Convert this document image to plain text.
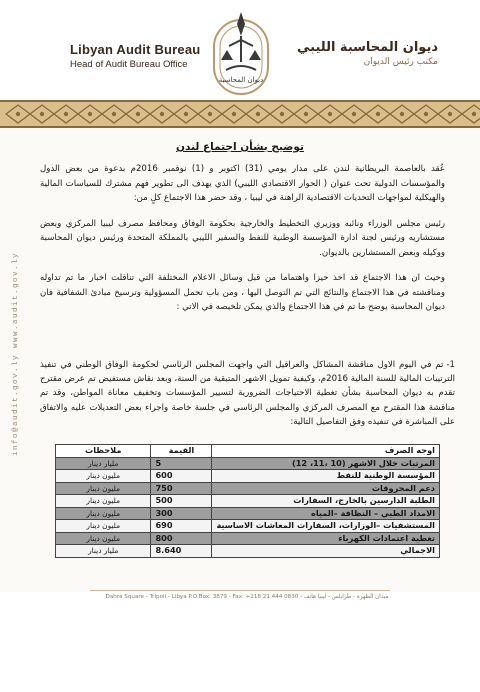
Libyan Audit Bureau
Head of Audit Bureau Office
ديوان المحاسبة
ديوان المحاسبة الليبي
مكتب رئيس الديوان
توضيح بشأن اجتماع لندن

عُقد بالعاصمة البريطانية لندن على مدار يومي (31) اكتوبر و (1) نوفمبر 2016م بدعوة من بعض الدول والمؤسسات الدولية تحت عنوان ( الحوار الاقتصادي الليبي) الذي يهدف الى تطوير فهم مشترك للسياسات المالية والهيكلية لمواجهات التحديات الاقتصادية الراهنة في ليبيا ، وقد حضر هذا الاجتماع كلٍ من:

رئيس مجلس الوزراء ونائبه ووزيري التخطيط والخارجية بحكومة الوفاق ومحافظ مصرف ليبيا المركزي وبعض مستشاريه ورئيس لجنة ادارة المؤسسة الوطنية للنفط والسفير الليبي بالمملكة المتحدة ورئيس ديوان المحاسبة ووكيله وبعض المستشارين بالديوان.

وحيث ان هذا الاجتماع قد اخذ حيزا واهتماما من قبل وسائل الاعلام المختلفة التي تناقلت اخبار ما تم تداوله ومناقشته في هذا الاجتماع والنتائج التي تم التوصل اليها ، ومن باب تحمل المسؤولية وترسيخ مبادئ الشفافية فان ديوان المحاسبة يوضح ما تم في هذا الاجتماع والذي يمكن تلخيصه في الاتي :

1-تم في اليوم الاول مناقشة المشاكل والعراقيل التي واجهت المجلس الرئاسي لحكومة الوفاق الوطني في تنفيذ الترتيبات المالية للسنة المالية 2016م، وكيفية تمويل الاشهر المتبقية من السنة، وبعد نقاش مستفيض تم عرض مقترح تقدم به ديوان المحاسبة بشأن تغطية الاحتياجات الضرورية لتسيير المؤسسات وتخفيف معاناة المواطن، وقد تم مناقشة هذا المقترح مع المصرف المركزي والمجلس الرئاسي في جلسة خاصة واجراء بعض التعديلات عليه والاتفاق على المباشرة في تنفيذه وفق التفاصيل التالية:
info@audit.gov.ly www.audit.gov.ly	اوجه الصرف	القيمة	ملاحظات
المرتبات خلال الاشهر (10 ،11، 12)	5	مليار دينار
المؤسسة الوطنية للنفط	600	مليون دينار
دعم المحروقات	750	مليون دينار
الطلبة الدارسين بالخارج، السفارات	500	مليون دينار
الامداد الطبي – النظافة –المياه	300	مليون دينار
المستشفيات –الوزارات، السفارات المعاشات الاساسية	690	مليون دينار
تغطية اعتمادات الكهرباء	800	مليون دينار
الاجمالي	8.640	مليار دينار
Dahra Square - Tripoli - Libya P.O.Box: 3879 - Fax: +218 21 444 0830 - ميدان الظهرة - طرابلس - ليبيا هاتف
